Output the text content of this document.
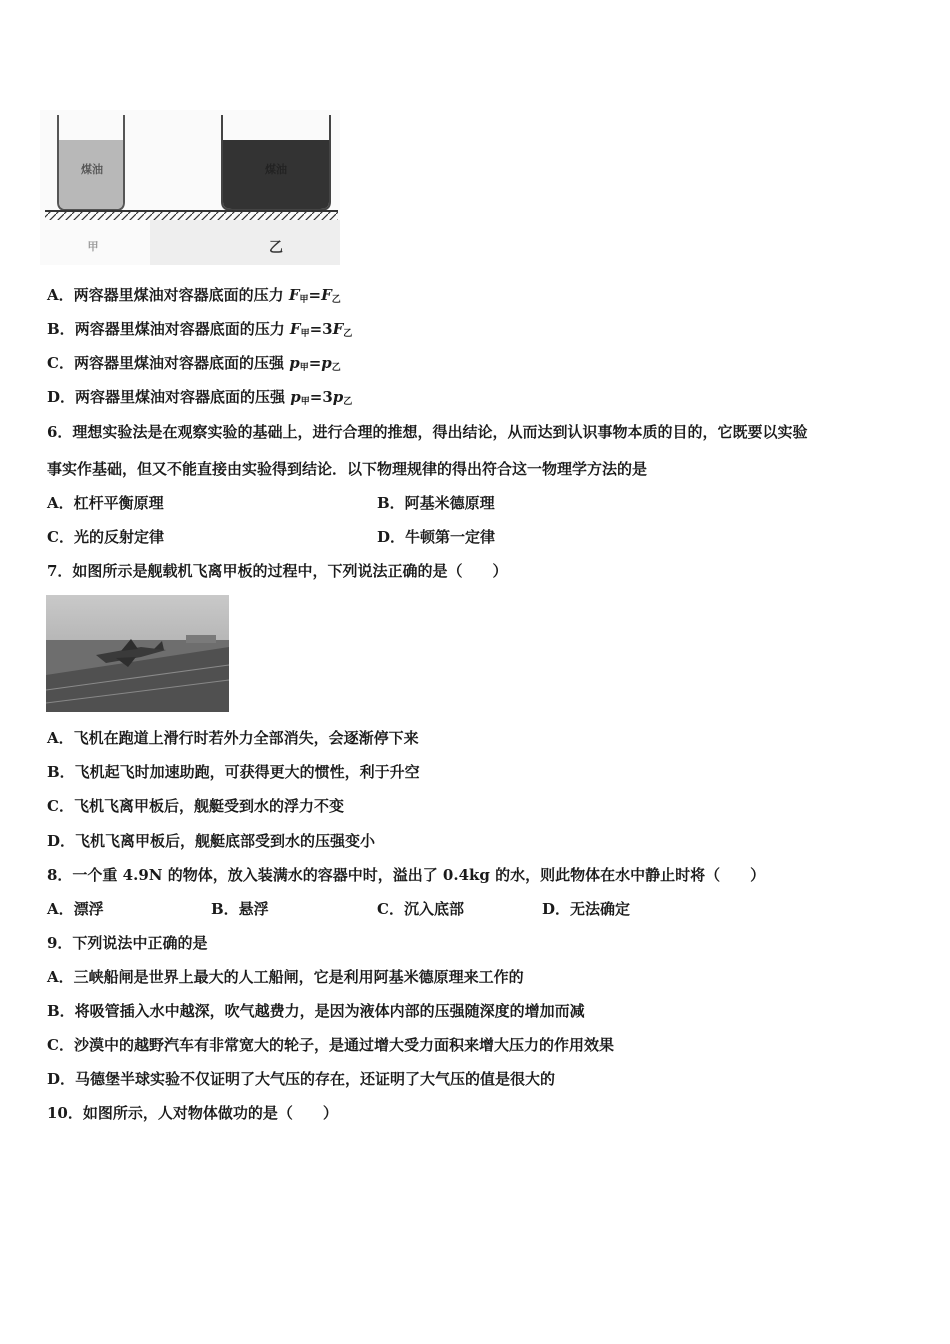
煤油	煤油
甲	乙
A．两容器里煤油对容器底面的压力 $F_甲=F_乙$
B．两容器里煤油对容器底面的压力 $F_甲=3F_乙$
C．两容器里煤油对容器底面的压强 $p_甲=p_乙$
D．两容器里煤油对容器底面的压强 $p_甲=3p_乙$
6．理想实验法是在观察实验的基础上，进行合理的推想，得出结论，从而达到认识事物本质的目的，它既要以实验
事实作基础，但又不能直接由实验得到结论．以下物理规律的得出符合这一物理学方法的是
A．杠杆平衡原理	B．阿基米德原理
C．光的反射定律	D．牛顿第一定律
7．如图所示是舰载机飞离甲板的过程中，下列说法正确的是（　　）
A．飞机在跑道上滑行时若外力全部消失，会逐渐停下来
B．飞机起飞时加速助跑，可获得更大的惯性，利于升空
C．飞机飞离甲板后，舰艇受到水的浮力不变
D．飞机飞离甲板后，舰艇底部受到水的压强变小
8．一个重 4.9N 的物体，放入装满水的容器中时，溢出了 0.4kg 的水，则此物体在水中静止时将（　　）
A．漂浮	B．悬浮	C．沉入底部	D．无法确定
9．下列说法中正确的是
A．三峡船闸是世界上最大的人工船闸，它是利用阿基米德原理来工作的
B．将吸管插入水中越深，吹气越费力，是因为液体内部的压强随深度的增加而减
C．沙漠中的越野汽车有非常宽大的轮子，是通过增大受力面积来增大压力的作用效果
D．马德堡半球实验不仅证明了大气压的存在，还证明了大气压的值是很大的
10．如图所示，人对物体做功的是（　　）
